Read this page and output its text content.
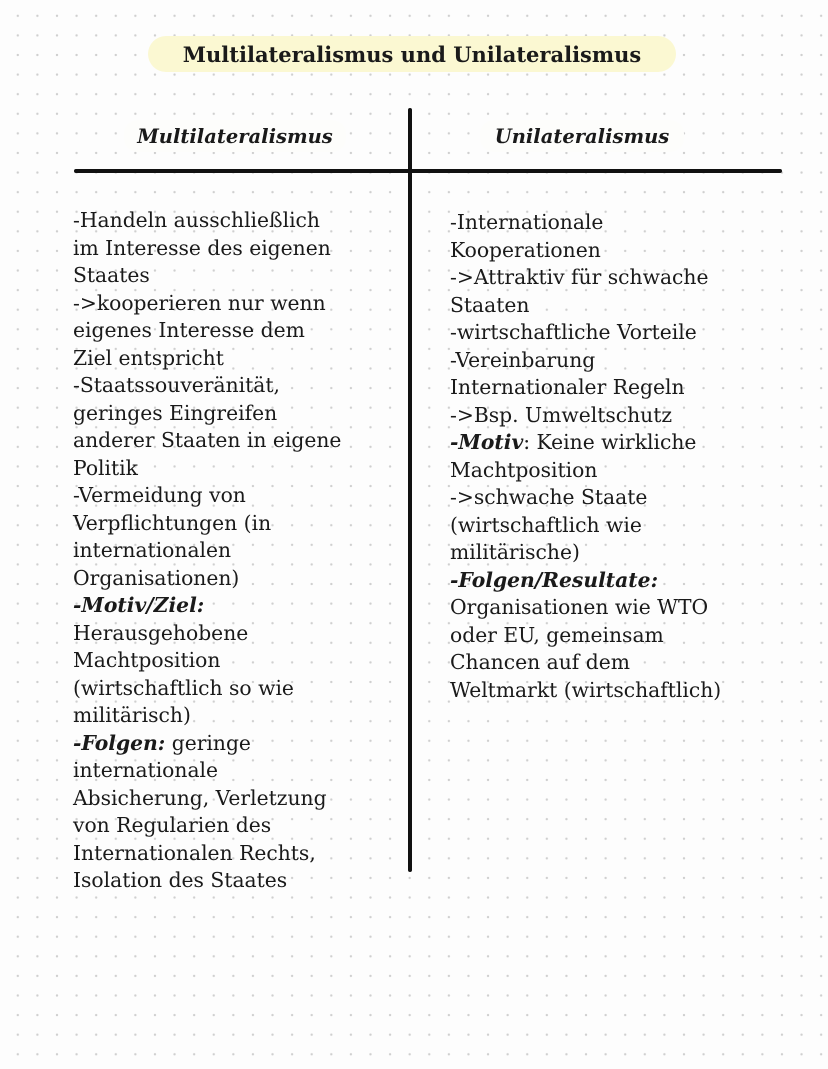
Multilateralismus und Unilateralismus
Multilateralismus	Unilateralismus
-Handeln ausschließlich
im Interesse des eigenen
Staates
->kooperieren nur wenn
eigenes Interesse dem
Ziel entspricht
-Staatssouveränität,
geringes Eingreifen
anderer Staaten in eigene
Politik
-Vermeidung von
Verpflichtungen (in
internationalen
Organisationen)
-Motiv/Ziel:
Herausgehobene
Machtposition
(wirtschaftlich so wie
militärisch)
-Folgen: geringe
internationale
Absicherung, Verletzung
von Regularien des
Internationalen Rechts,
Isolation des Staates
-Internationale
Kooperationen
->Attraktiv für schwache
Staaten
-wirtschaftliche Vorteile
-Vereinbarung
Internationaler Regeln
->Bsp. Umweltschutz
-Motiv: Keine wirkliche
Machtposition
->schwache Staate
(wirtschaftlich wie
militärische)
-Folgen/Resultate:
Organisationen wie WTO
oder EU, gemeinsam
Chancen auf dem
Weltmarkt (wirtschaftlich)
